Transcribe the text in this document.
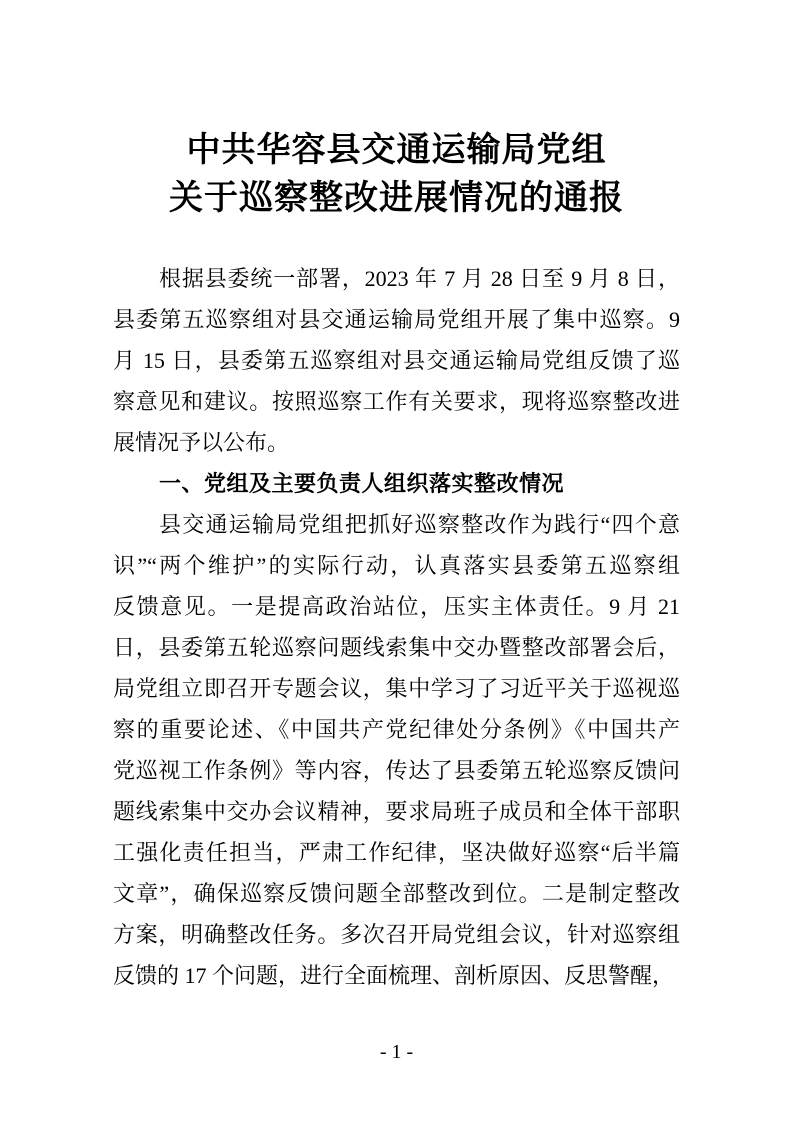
中共华容县交通运输局党组
关于巡察整改进展情况的通报
根据县委统一部署，2023 年 7 月 28 日至 9 月 8 日，
县委第五巡察组对县交通运输局党组开展了集中巡察。9
月 15 日，县委第五巡察组对县交通运输局党组反馈了巡
察意见和建议。按照巡察工作有关要求，现将巡察整改进
展情况予以公布。
一、党组及主要负责人组织落实整改情况
县交通运输局党组把抓好巡察整改作为践行“四个意
识”“两个维护”的实际行动，认真落实县委第五巡察组
反馈意见。一是提高政治站位，压实主体责任。9 月 21
日，县委第五轮巡察问题线索集中交办暨整改部署会后，
局党组立即召开专题会议，集中学习了习近平关于巡视巡
察的重要论述、《中国共产党纪律处分条例》《中国共产
党巡视工作条例》等内容，传达了县委第五轮巡察反馈问
题线索集中交办会议精神，要求局班子成员和全体干部职
工强化责任担当，严肃工作纪律，坚决做好巡察“后半篇
文章”，确保巡察反馈问题全部整改到位。二是制定整改
方案，明确整改任务。多次召开局党组会议，针对巡察组
反馈的 17 个问题，进行全面梳理、剖析原因、反思警醒，
- 1 -
